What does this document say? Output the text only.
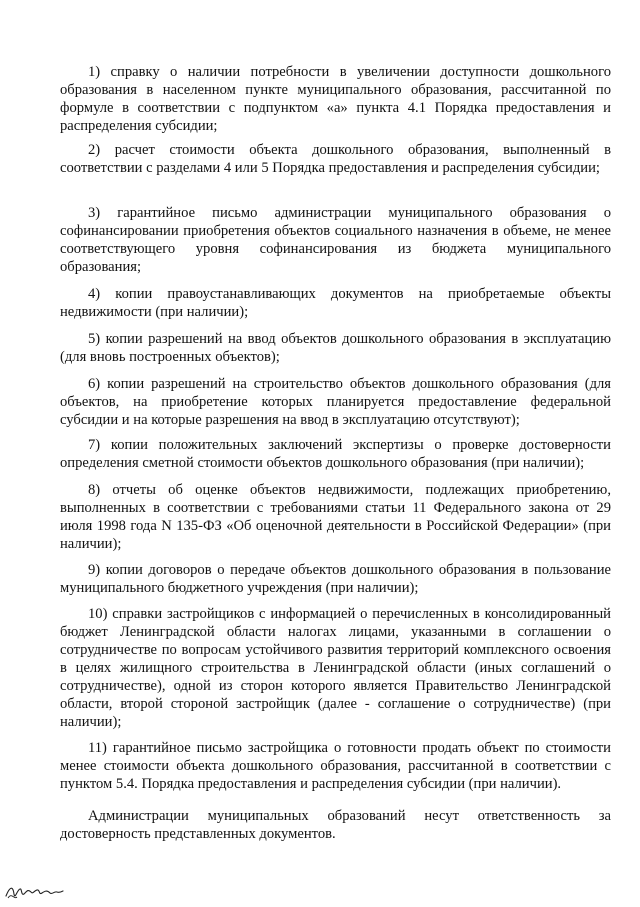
1) справку о наличии потребности в увеличении доступности дошкольного образования в населенном пункте муниципального образования, рассчитанной по формуле в соответствии с подпунктом «а» пункта 4.1 Порядка предоставления и распределения субсидии;
2) расчет стоимости объекта дошкольного образования, выполненный в соответствии с разделами 4 или 5 Порядка предоставления и распределения субсидии;
3) гарантийное письмо администрации муниципального образования о софинансировании приобретения объектов социального назначения в объеме, не менее соответствующего уровня софинансирования из бюджета муниципального образования;
4) копии правоустанавливающих документов на приобретаемые объекты недвижимости (при наличии);
5) копии разрешений на ввод объектов дошкольного образования в эксплуатацию (для вновь построенных объектов);
6) копии разрешений на строительство объектов дошкольного образования (для объектов, на приобретение которых планируется предоставление федеральной субсидии и на которые разрешения на ввод в эксплуатацию отсутствуют);
7) копии положительных заключений экспертизы о проверке достоверности определения сметной стоимости объектов дошкольного образования (при наличии);
8) отчеты об оценке объектов недвижимости, подлежащих приобретению, выполненных в соответствии с требованиями статьи 11 Федерального закона от 29 июля 1998 года N 135-ФЗ «Об оценочной деятельности в Российской Федерации» (при наличии);
9) копии договоров о передаче объектов дошкольного образования в пользование муниципального бюджетного учреждения (при наличии);
10) справки застройщиков с информацией о перечисленных в консолидированный бюджет Ленинградской области налогах лицами, указанными в соглашении о сотрудничестве по вопросам устойчивого развития территорий комплексного освоения в целях жилищного строительства в Ленинградской области (иных соглашений о сотрудничестве), одной из сторон которого является Правительство Ленинградской области, второй стороной застройщик (далее - соглашение о сотрудничестве) (при наличии);
11) гарантийное письмо застройщика о готовности продать объект по стоимости менее стоимости объекта дошкольного образования, рассчитанной в соответствии с пунктом 5.4. Порядка предоставления и распределения субсидии (при наличии).
Администрации муниципальных образований несут ответственность за достоверность представленных документов.
